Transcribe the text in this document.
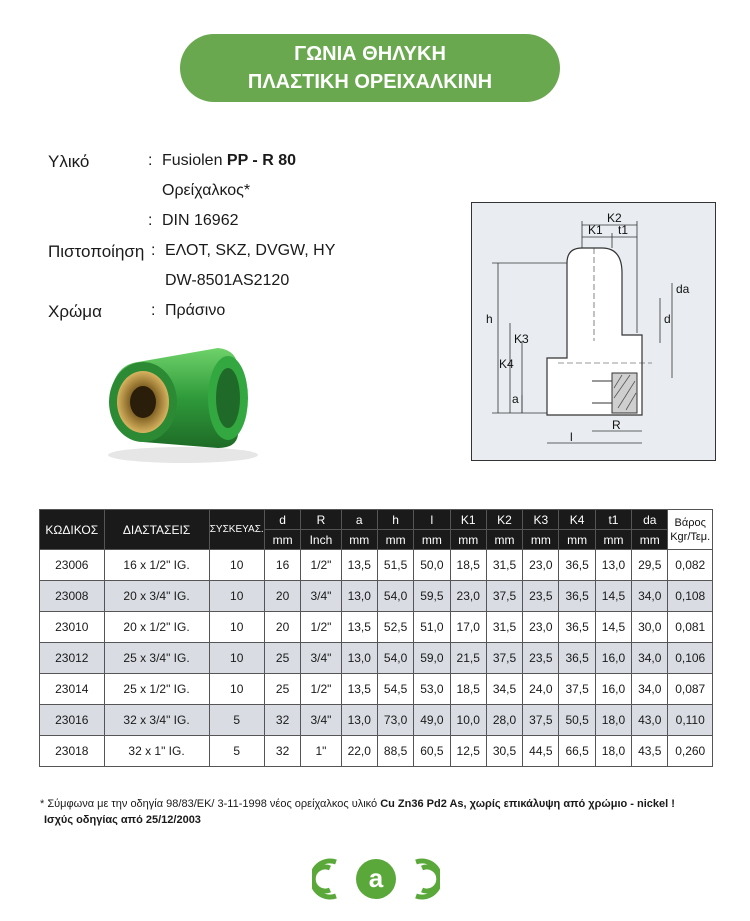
ΓΩΝΙΑ ΘΗΛΥΚΗ
ΠΛΑΣΤΙΚΗ ΟΡΕΙΧΑΛΚΙΝΗ
Υλικό	: Fusiolen PP - R 80
Ορείχαλκος*
: DIN 16962
Πιστοποίηση : ΕΛΟΤ, SKZ, DVGW, HY
DW-8501AS2120
Χρώμα	: Πράσινο
K2
K1 t1
da
d
h
K3
K4
a
R
l
ΚΩΔΙΚΟΣ	ΔΙΑΣΤΑΣΕΙΣ	ΣΥΣΚΕΥΑΣ.	d	R	a	h	l	K1	K2	K3	K4	t1	da	Βάρος
Kgr/Τεμ.

			mm	Inch	mm	mm	mm	mm	mm	mm	mm	mm	mm	
23006	16 x 1/2" IG.	10	16	1/2"	13,5	51,5	50,0	18,5	31,5	23,0	36,5	13,0	29,5	0,082
23008	20 x 3/4" IG.	10	20	3/4"	13,0	54,0	59,5	23,0	37,5	23,5	36,5	14,5	34,0	0,108
23010	20 x 1/2" IG.	10	20	1/2"	13,5	52,5	51,0	17,0	31,5	23,0	36,5	14,5	30,0	0,081
23012	25 x 3/4" IG.	10	25	3/4"	13,0	54,0	59,0	21,5	37,5	23,5	36,5	16,0	34,0	0,106
23014	25 x 1/2" IG.	10	25	1/2"	13,5	54,5	53,0	18,5	34,5	24,0	37,5	16,0	34,0	0,087
23016	32 x 3/4" IG.	5	32	3/4"	13,0	73,0	49,0	10,0	28,0	37,5	50,5	18,0	43,0	0,110
23018	32 x 1" IG.	5	32	1"	22,0	88,5	60,5	12,5	30,5	44,5	66,5	18,0	43,5	0,260
* Σύμφωνα με την οδηγία 98/83/ΕΚ/ 3-11-1998 νέος ορείχαλκος υλικό Cu Zn36 Pd2 As, χωρίς επικάλυψη από χρώμιο - nickel !
Ισχύς οδηγίας από 25/12/2003
a
